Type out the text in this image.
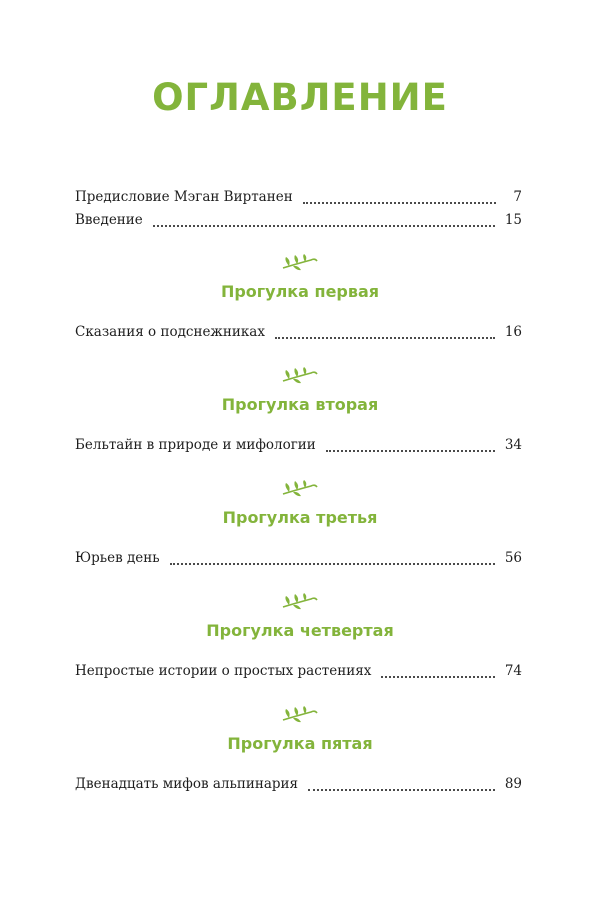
ОГЛАВЛЕНИЕ
Предисловие Мэган Виртанен	7
Введение	15
Прогулка первая
Сказания о подснежниках	16
Прогулка вторая
Бельтайн в природе и мифологии	34
Прогулка третья
Юрьев день	56
Прогулка четвертая
Непростые истории о простых растениях	74
Прогулка пятая
Двенадцать мифов альпинария	89
